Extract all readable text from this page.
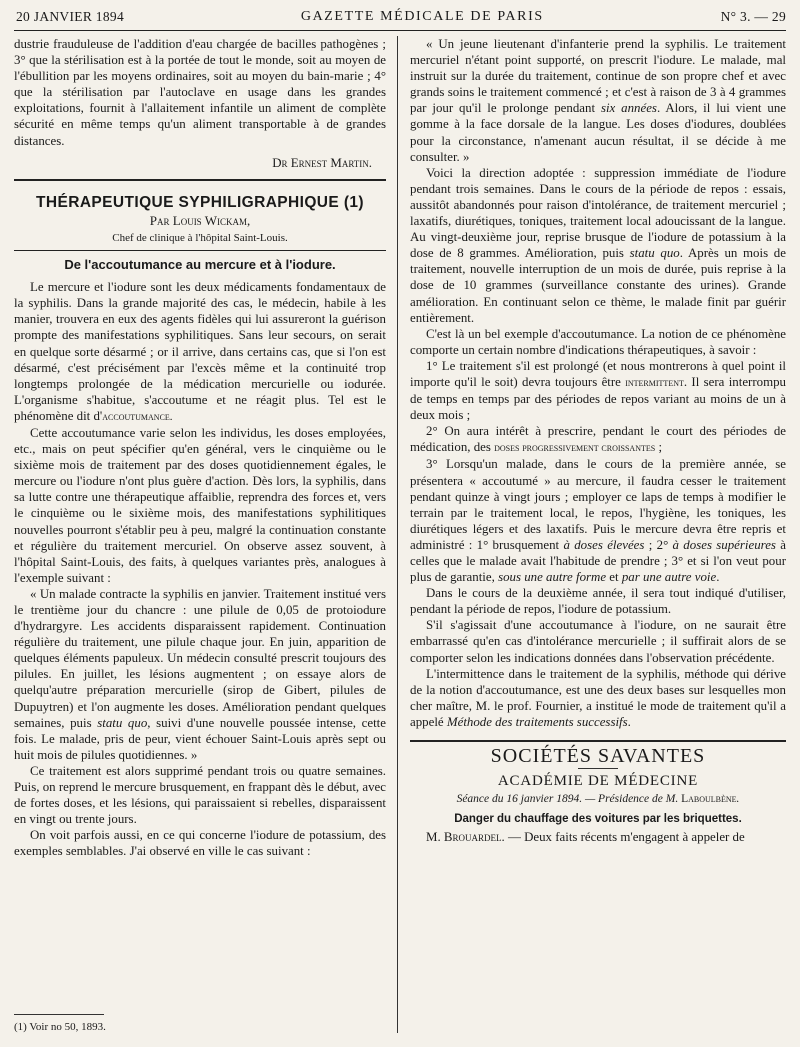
20 JANVIER 1894	GAZETTE MÉDICALE DE PARIS	N° 3. — 29

dustrie frauduleuse de l'addition d'eau chargée de bacilles pathogènes ; 3° que la stérilisation est à la portée de tout le monde, soit au moyen de l'ébullition par les moyens ordinaires, soit au moyen du bain-marie ; 4° que la stérilisation par l'autoclave en usage dans les grandes exploitations, fournit à l'allaitement infantile un aliment de complète sécurité en même temps qu'un aliment transportable à de grandes distances.

Dr Ernest Martin.
THÉRAPEUTIQUE SYPHILIGRAPHIQUE (1)
Par Louis Wickam,
Chef de clinique à l'hôpital Saint-Louis.
De l'accoutumance au mercure et à l'iodure.

Le mercure et l'iodure sont les deux médicaments fondamentaux de la syphilis. Dans la grande majorité des cas, le médecin, habile à les manier, trouvera en eux des agents fidèles qui lui assureront la guérison prompte des manifestations syphilitiques. Sans leur secours, on serait en quelque sorte désarmé ; or il arrive, dans certains cas, que si l'on est désarmé, c'est précisément par l'excès même et la continuité trop longtemps prolongée de la médication mercurielle ou iodurée. L'organisme s'habitue, s'accoutume et ne réagit plus. Tel est le phénomène dit d'accoutumance.

Cette accoutumance varie selon les individus, les doses employées, etc., mais on peut spécifier qu'en général, vers le cinquième ou le sixième mois de traitement par des doses quotidiennement égales, le mercure ou l'iodure n'ont plus guère d'action. Dès lors, la syphilis, dans sa lutte contre une thérapeutique affaiblie, reprendra des forces et, vers le cinquième ou le sixième mois, des manifestations syphilitiques nouvelles pourront s'établir peu à peu, malgré la continuation constante et régulière du traitement mercuriel. On observe assez souvent, à l'hôpital Saint-Louis, des faits, à quelques variantes près, analogues à l'exemple suivant :

« Un malade contracte la syphilis en janvier. Traitement institué vers le trentième jour du chancre : une pilule de 0,05 de protoiodure d'hydrargyre. Les accidents disparaissent rapidement. Continuation régulière du traitement, une pilule chaque jour. En juin, apparition de quelques éléments papuleux. Un médecin consulté prescrit toujours des pilules. En juillet, les lésions augmentent ; on essaye alors de quelqu'autre préparation mercurielle (sirop de Gibert, pilules de Dupuytren) et l'on augmente les doses. Amélioration pendant quelques semaines, puis statu quo, suivi d'une nouvelle poussée intense, cette fois. Le malade, pris de peur, vient échouer Saint-Louis après sept ou huit mois de pilules quotidiennes. »

Ce traitement est alors supprimé pendant trois ou quatre semaines. Puis, on reprend le mercure brusquement, en frappant dès le début, avec de fortes doses, et les lésions, qui paraissaient si rebelles, disparaissent en vingt ou trente jours.

On voit parfois aussi, en ce qui concerne l'iodure de potassium, des exemples semblables. J'ai observé en ville le cas suivant :

(1) Voir no 50, 1893.

« Un jeune lieutenant d'infanterie prend la syphilis. Le traitement mercuriel n'étant point supporté, on prescrit l'iodure. Le malade, mal instruit sur la durée du traitement, continue de son propre chef et avec grands soins le traitement commencé ; et c'est à raison de 3 à 4 grammes par jour qu'il le prolonge pendant six années. Alors, il lui vient une gomme à la face dorsale de la langue. Les doses d'iodures, doublées pour la circonstance, n'amenant aucun résultat, il se décide à me consulter. »

Voici la direction adoptée : suppression immédiate de l'iodure pendant trois semaines. Dans le cours de la période de repos : essais, aussitôt abandonnés pour raison d'intolérance, de traitement mercuriel ; laxatifs, diurétiques, toniques, traitement local adoucissant de la langue. Au vingt-deuxième jour, reprise brusque de l'iodure de potassium à la dose de 8 grammes. Amélioration, puis statu quo. Après un mois de traitement, nouvelle interruption de un mois de durée, puis reprise à la dose de 10 grammes (surveillance constante des urines). Grande amélioration. En continuant selon ce thème, le malade finit par guérir entièrement.

C'est là un bel exemple d'accoutumance. La notion de ce phénomène comporte un certain nombre d'indications thérapeutiques, à savoir :

1° Le traitement s'il est prolongé (et nous montrerons à quel point il importe qu'il le soit) devra toujours être intermittent. Il sera interrompu de temps en temps par des périodes de repos variant au moins de un à deux mois ;

2° On aura intérêt à prescrire, pendant le court des périodes de médication, des doses progressivement croissantes ;

3° Lorsqu'un malade, dans le cours de la première année, se présentera « accoutumé » au mercure, il faudra cesser le traitement pendant quinze à vingt jours ; employer ce laps de temps à modifier le terrain par le traitement local, le repos, l'hygiène, les toniques, les diurétiques légers et des laxatifs. Puis le mercure devra être repris et administré : 1° brusquement à doses élevées ; 2° à doses supérieures à celles que le malade avait l'habitude de prendre ; 3° et si l'on veut pour plus de garantie, sous une autre forme et par une autre voie.

Dans le cours de la deuxième année, il sera tout indiqué d'utiliser, pendant la période de repos, l'iodure de potassium.

S'il s'agissait d'une accoutumance à l'iodure, on ne saurait être embarrassé qu'en cas d'intolérance mercurielle ; il suffirait alors de se comporter selon les indications données dans l'observation précédente.

L'intermittence dans le traitement de la syphilis, méthode qui dérive de la notion d'accoutumance, est une des deux bases sur lesquelles mon cher maître, M. le prof. Fournier, a institué le mode de traitement qu'il a appelé Méthode des traitements successifs.

SOCIÉTÉS SAVANTES
ACADÉMIE DE MÉDECINE
Séance du 16 janvier 1894. — Présidence de M. Laboulbène.
Danger du chauffage des voitures par les briquettes.

M. Brouardel. — Deux faits récents m'engagent à appeler de
